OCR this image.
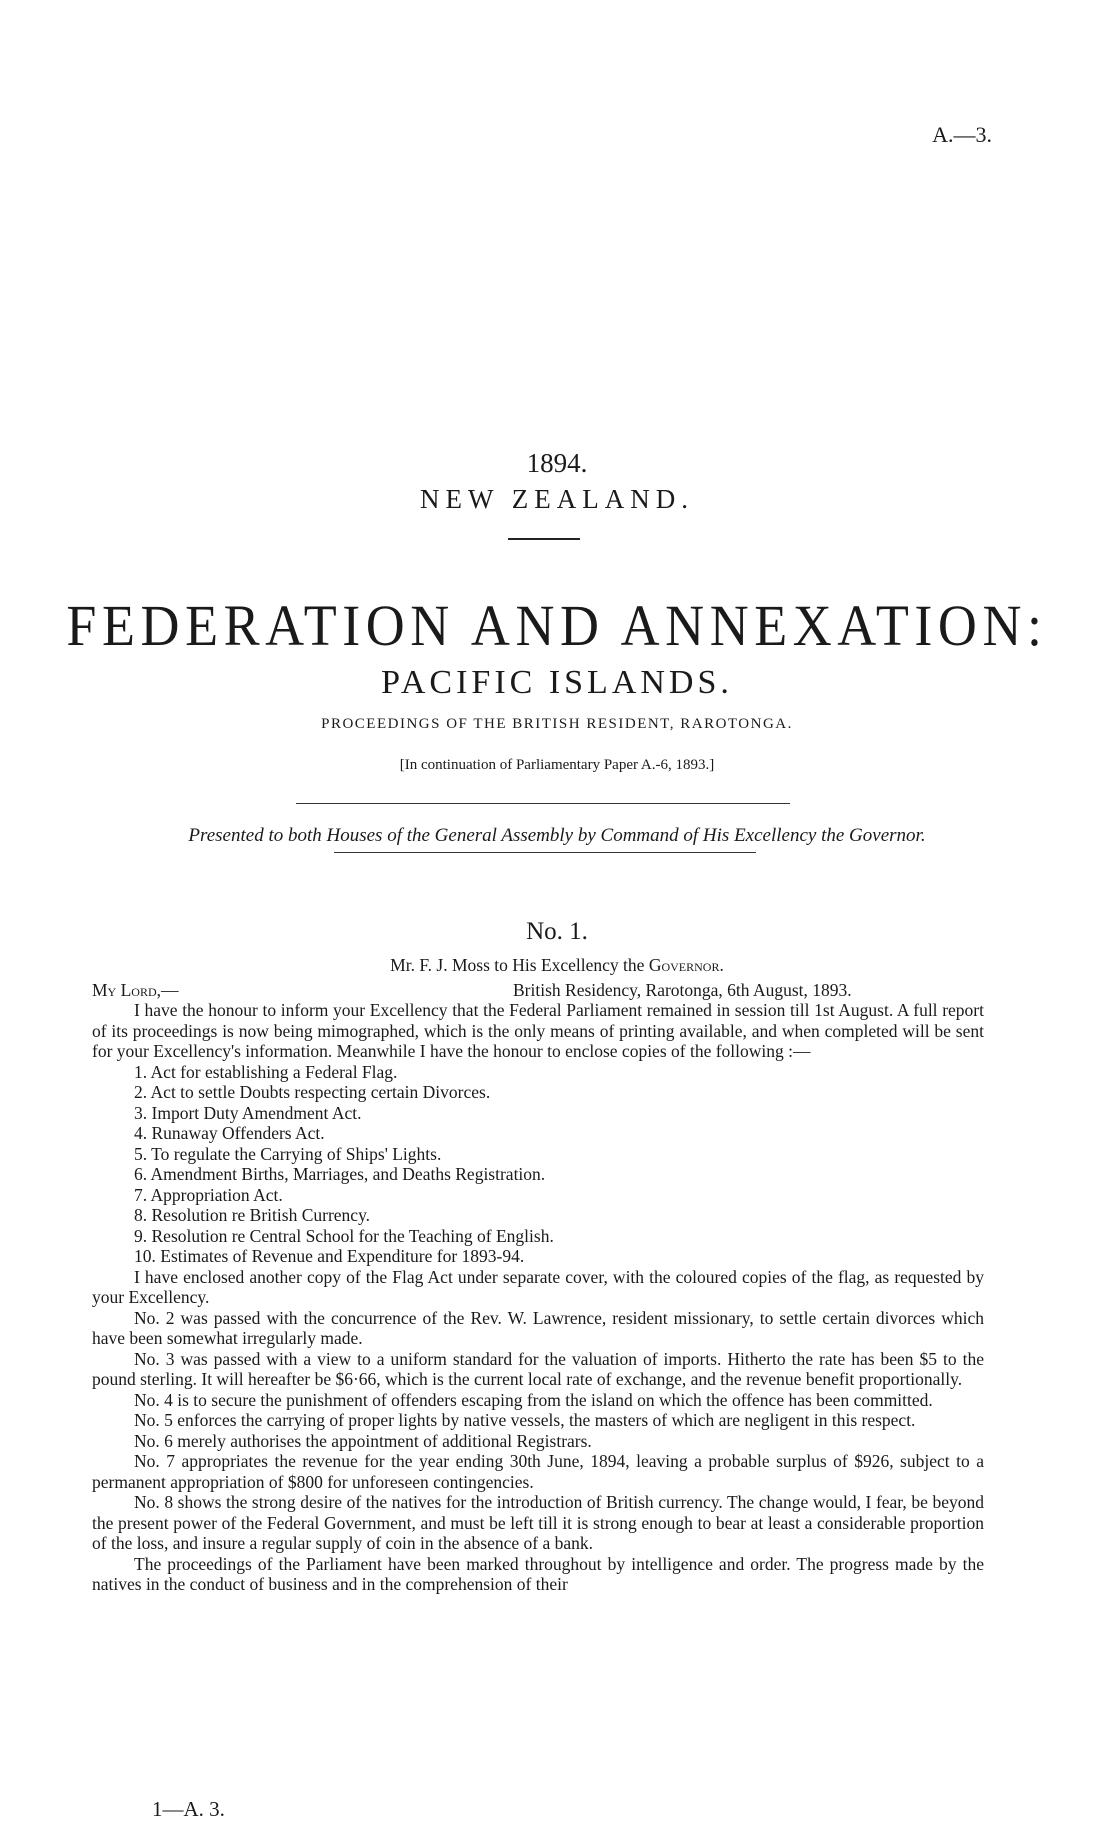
A.—3.
1894.
NEW ZEALAND.
FEDERATION AND ANNEXATION:
PACIFIC ISLANDS.
PROCEEDINGS OF THE BRITISH RESIDENT, RAROTONGA.
[In continuation of Parliamentary Paper A.-6, 1893.]
Presented to both Houses of the General Assembly by Command of His Excellency the Governor.
No. 1.
Mr. F. J. Moss to His Excellency the Governor.
My Lord,—	British Residency, Rarotonga, 6th August, 1893.

I have the honour to inform your Excellency that the Federal Parliament remained in session till 1st August. A full report of its proceedings is now being mimographed, which is the only means of printing available, and when completed will be sent for your Excellency's information. Meanwhile I have the honour to enclose copies of the following :—

1. Act for establishing a Federal Flag.
2. Act to settle Doubts respecting certain Divorces.
3. Import Duty Amendment Act.
4. Runaway Offenders Act.
5. To regulate the Carrying of Ships' Lights.
6. Amendment Births, Marriages, and Deaths Registration.
7. Appropriation Act.
8. Resolution re British Currency.
9. Resolution re Central School for the Teaching of English.
10. Estimates of Revenue and Expenditure for 1893-94.

I have enclosed another copy of the Flag Act under separate cover, with the coloured copies of the flag, as requested by your Excellency.

No. 2 was passed with the concurrence of the Rev. W. Lawrence, resident missionary, to settle certain divorces which have been somewhat irregularly made.

No. 3 was passed with a view to a uniform standard for the valuation of imports. Hitherto the rate has been $5 to the pound sterling. It will hereafter be $6·66, which is the current local rate of exchange, and the revenue benefit proportionally.

No. 4 is to secure the punishment of offenders escaping from the island on which the offence has been committed.

No. 5 enforces the carrying of proper lights by native vessels, the masters of which are negligent in this respect.

No. 6 merely authorises the appointment of additional Registrars.

No. 7 appropriates the revenue for the year ending 30th June, 1894, leaving a probable surplus of $926, subject to a permanent appropriation of $800 for unforeseen contingencies.

No. 8 shows the strong desire of the natives for the introduction of British currency. The change would, I fear, be beyond the present power of the Federal Government, and must be left till it is strong enough to bear at least a considerable proportion of the loss, and insure a regular supply of coin in the absence of a bank.

The proceedings of the Parliament have been marked throughout by intelligence and order. The progress made by the natives in the conduct of business and in the comprehension of their

1—A. 3.
